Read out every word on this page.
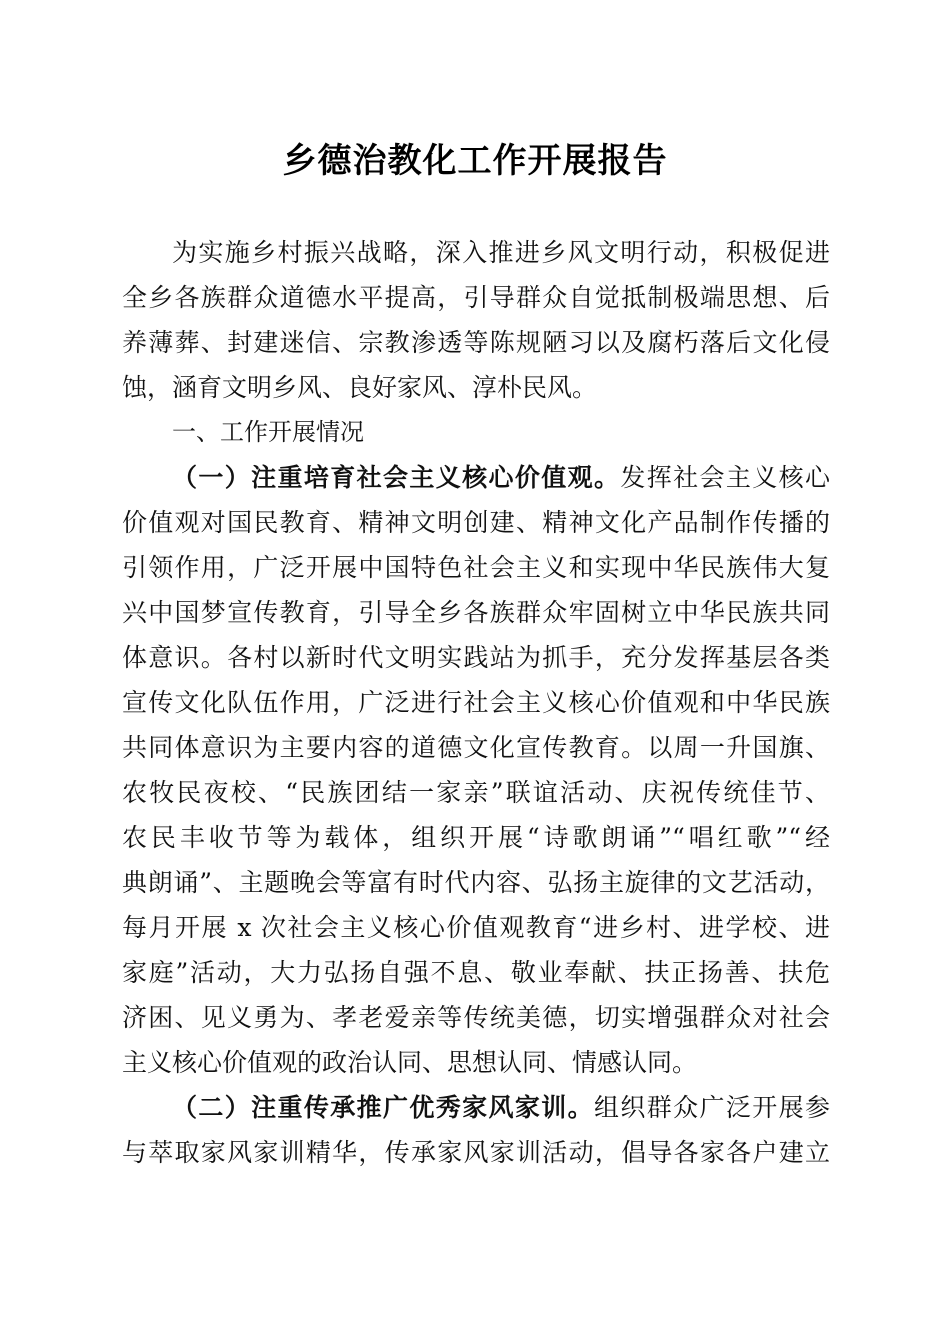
乡德治教化工作开展报告
为实施乡村振兴战略，深入推进乡风文明行动，积极促进
全乡各族群众道德水平提高，引导群众自觉抵制极端思想、后
养薄葬、封建迷信、宗教渗透等陈规陋习以及腐朽落后文化侵
蚀，涵育文明乡风、良好家风、淳朴民风。
一、工作开展情况
（一）注重培育社会主义核心价值观。发挥社会主义核心
价值观对国民教育、精神文明创建、精神文化产品制作传播的
引领作用，广泛开展中国特色社会主义和实现中华民族伟大复
兴中国梦宣传教育，引导全乡各族群众牢固树立中华民族共同
体意识。各村以新时代文明实践站为抓手，充分发挥基层各类
宣传文化队伍作用，广泛进行社会主义核心价值观和中华民族
共同体意识为主要内容的道德文化宣传教育。以周一升国旗、
农牧民夜校、“民族团结一家亲”联谊活动、庆祝传统佳节、
农民丰收节等为载体，组织开展“诗歌朗诵”“唱红歌”“经
典朗诵”、主题晚会等富有时代内容、弘扬主旋律的文艺活动，
每月开展 x 次社会主义核心价值观教育“进乡村、进学校、进
家庭”活动，大力弘扬自强不息、敬业奉献、扶正扬善、扶危
济困、见义勇为、孝老爱亲等传统美德，切实增强群众对社会
主义核心价值观的政治认同、思想认同、情感认同。
（二）注重传承推广优秀家风家训。组织群众广泛开展参
与萃取家风家训精华，传承家风家训活动，倡导各家各户建立
